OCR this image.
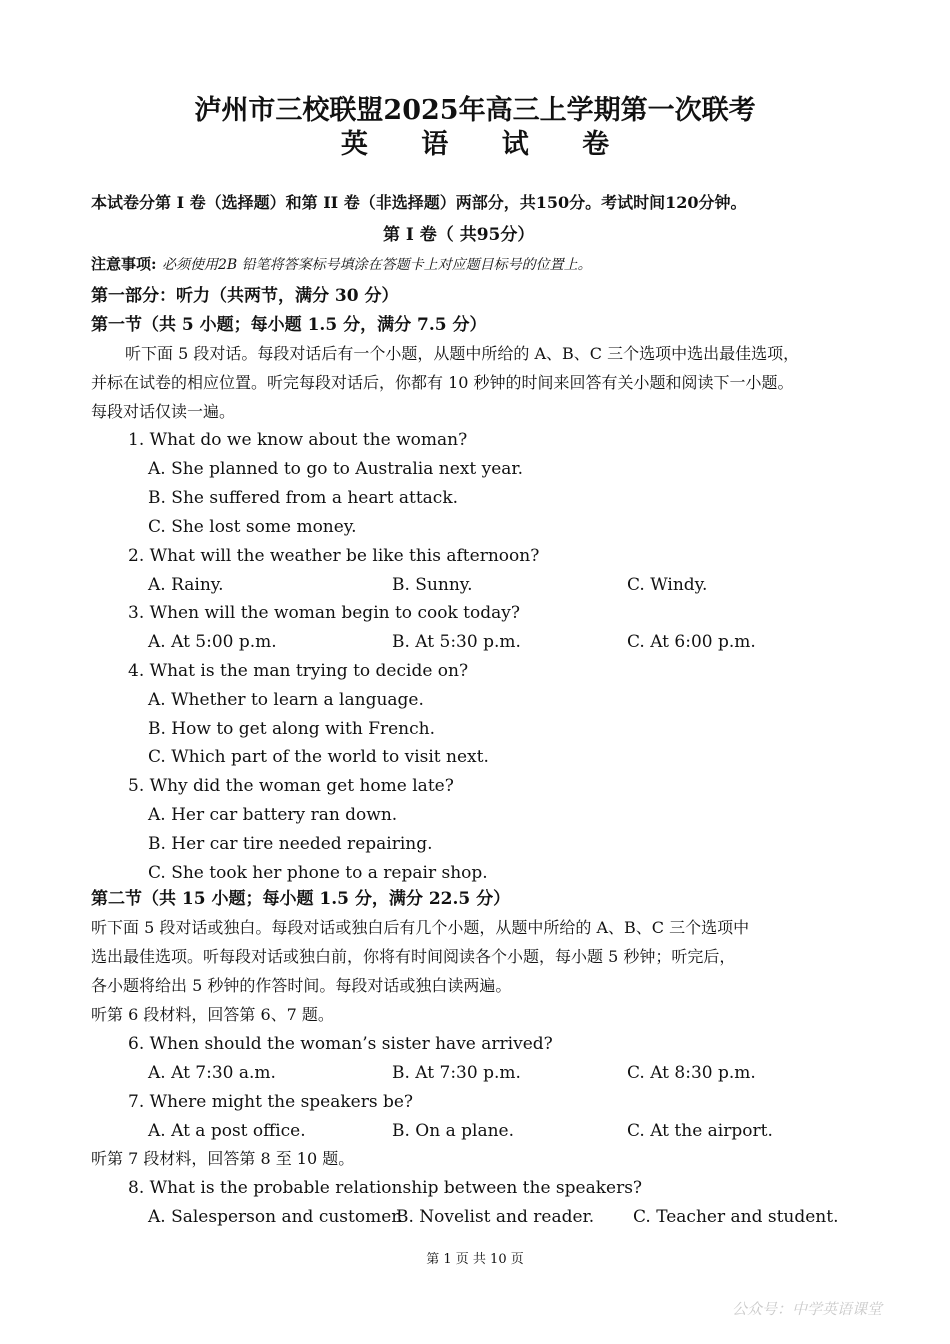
泸州市三校联盟2025年高三上学期第一次联考
英 语 试 卷
本试卷分第 I 卷（选择题）和第 II 卷（非选择题）两部分，共150分。考试时间120分钟。
第 I 卷（ 共95分）
注意事项: 必须使用2B 铅笔将答案标号填涂在答题卡上对应题目标号的位置上。
第一部分：听力（共两节，满分 30 分）
第一节（共 5 小题；每小题 1.5 分，满分 7.5 分）
听下面 5 段对话。每段对话后有一个小题，从题中所给的 A、B、C 三个选项中选出最佳选项，
并标在试卷的相应位置。听完每段对话后，你都有 10 秒钟的时间来回答有关小题和阅读下一小题。
每段对话仅读一遍。
1. What do we know about the woman?
A. She planned to go to Australia next year.
B. She suffered from a heart attack.
C. She lost some money.
2. What will the weather be like this afternoon?
A. Rainy.	B. Sunny.	C. Windy.
3. When will the woman begin to cook today?
A. At 5:00 p.m.	B. At 5:30 p.m.	C. At 6:00 p.m.
4. What is the man trying to decide on?
A. Whether to learn a language.
B. How to get along with French.
C. Which part of the world to visit next.
5. Why did the woman get home late?
A. Her car battery ran down.
B. Her car tire needed repairing.
C. She took her phone to a repair shop.
第二节（共 15 小题；每小题 1.5 分，满分 22.5 分）
听下面 5 段对话或独白。每段对话或独白后有几个小题，从题中所给的 A、B、C 三个选项中
选出最佳选项。听每段对话或独白前，你将有时间阅读各个小题，每小题 5 秒钟；听完后，
各小题将给出 5 秒钟的作答时间。每段对话或独白读两遍。
听第 6 段材料，回答第 6、7 题。
6. When should the woman’s sister have arrived?
A. At 7:30 a.m.	B. At 7:30 p.m.	C. At 8:30 p.m.
7. Where might the speakers be?
A. At a post office.	B. On a plane.	C. At the airport.
听第 7 段材料，回答第 8 至 10 题。
8. What is the probable relationship between the speakers?
A. Salesperson and customer.
B. Novelist and reader. C. Teacher and student.
第 1 页 共 10 页
公众号：中学英语课堂
